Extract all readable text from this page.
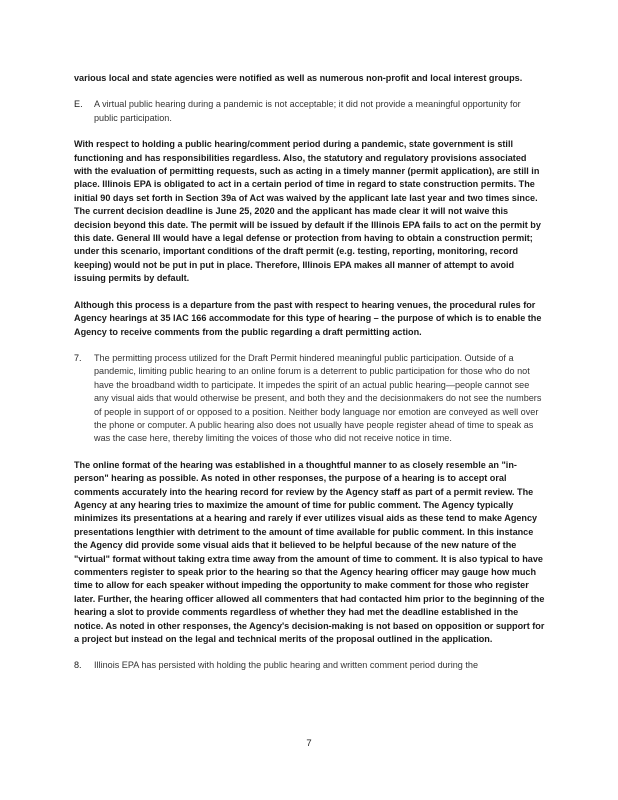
various local and state agencies were notified as well as numerous non-profit and local interest groups.

E.	A virtual public hearing during a pandemic is not acceptable; it did not provide a meaningful opportunity for public participation.

With respect to holding a public hearing/comment period during a pandemic, state government is still functioning and has responsibilities regardless. Also, the statutory and regulatory provisions associated with the evaluation of permitting requests, such as acting in a timely manner (permit application), are still in place. Illinois EPA is obligated to act in a certain period of time in regard to state construction permits. The initial 90 days set forth in Section 39a of Act was waived by the applicant late last year and two times since. The current decision deadline is June 25, 2020 and the applicant has made clear it will not waive this decision beyond this date. The permit will be issued by default if the Illinois EPA fails to act on the permit by this date. General III would have a legal defense or protection from having to obtain a construction permit; under this scenario, important conditions of the draft permit (e.g. testing, reporting, monitoring, record keeping) would not be put in put in place. Therefore, Illinois EPA makes all manner of attempt to avoid issuing permits by default.

Although this process is a departure from the past with respect to hearing venues, the procedural rules for Agency hearings at 35 IAC 166 accommodate for this type of hearing – the purpose of which is to enable the Agency to receive comments from the public regarding a draft permitting action.

7.	The permitting process utilized for the Draft Permit hindered meaningful public participation. Outside of a pandemic, limiting public hearing to an online forum is a deterrent to public participation for those who do not have the broadband width to participate. It impedes the spirit of an actual public hearing—people cannot see any visual aids that would otherwise be present, and both they and the decisionmakers do not see the numbers of people in support of or opposed to a position. Neither body language nor emotion are conveyed as well over the phone or computer. A public hearing also does not usually have people register ahead of time to speak as was the case here, thereby limiting the voices of those who did not receive notice in time.

The online format of the hearing was established in a thoughtful manner to as closely resemble an "in-person" hearing as possible. As noted in other responses, the purpose of a hearing is to accept oral comments accurately into the hearing record for review by the Agency staff as part of a permit review. The Agency at any hearing tries to maximize the amount of time for public comment. The Agency typically minimizes its presentations at a hearing and rarely if ever utilizes visual aids as these tend to make Agency presentations lengthier with detriment to the amount of time available for public comment. In this instance the Agency did provide some visual aids that it believed to be helpful because of the new nature of the "virtual" format without taking extra time away from the amount of time to comment. It is also typical to have commenters register to speak prior to the hearing so that the Agency hearing officer may gauge how much time to allow for each speaker without impeding the opportunity to make comment for those who register later. Further, the hearing officer allowed all commenters that had contacted him prior to the beginning of the hearing a slot to provide comments regardless of whether they had met the deadline established in the notice. As noted in other responses, the Agency's decision-making is not based on opposition or support for a project but instead on the legal and technical merits of the proposal outlined in the application.

8.	Illinois EPA has persisted with holding the public hearing and written comment period during the
7
